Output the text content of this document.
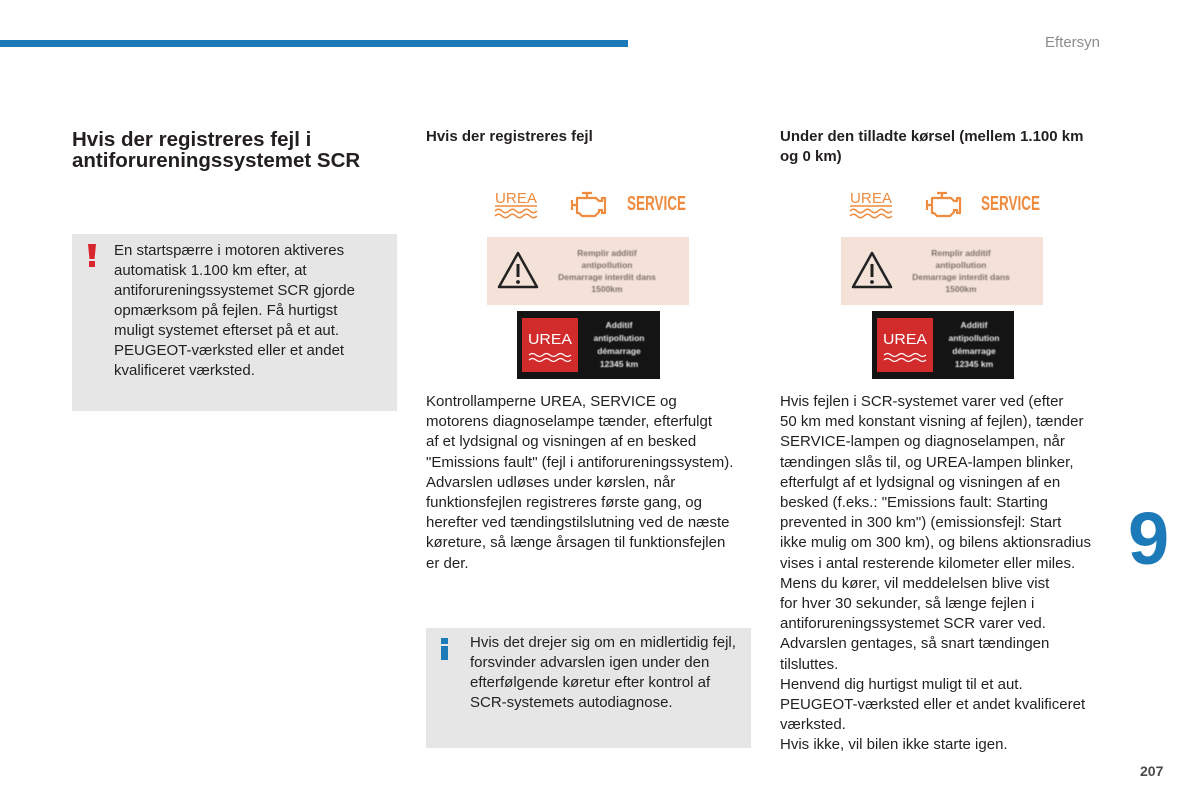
Eftersyn
Hvis der registreres fejl i
antiforureningssystemet SCR
En startspærre i motoren aktiveres
automatisk 1.100 km efter, at
antiforureningssystemet SCR gjorde
opmærksom på fejlen. Få hurtigst
muligt systemet efterset på et aut.
PEUGEOT-værksted eller et andet
kvalificeret værksted.
Hvis der registreres fejl
UREA	SERVICE
Remplir additif
antipollution
Demarrage interdit dans
1500km
UREA
Additif
antipollution
démarrage
12345 km
Kontrollamperne UREA, SERVICE og
motorens diagnoselampe tænder, efterfulgt
af et lydsignal og visningen af en besked
"Emissions fault" (fejl i antiforureningssystem).
Advarslen udløses under kørslen, når
funktionsfejlen registreres første gang, og
herefter ved tændingstilslutning ved de næste
køreture, så længe årsagen til funktionsfejlen
er der.
Hvis det drejer sig om en midlertidig fejl,
forsvinder advarslen igen under den
efterfølgende køretur efter kontrol af
SCR-systemets autodiagnose.
Under den tilladte kørsel (mellem 1.100 km
og 0 km)
UREA	SERVICE
Remplir additif
antipollution
Demarrage interdit dans
1500km
UREA
Additif
antipollution
démarrage
12345 km
Hvis fejlen i SCR-systemet varer ved (efter
50 km med konstant visning af fejlen), tænder
SERVICE-lampen og diagnoselampen, når
tændingen slås til, og UREA-lampen blinker,
efterfulgt af et lydsignal og visningen af en
besked (f.eks.: "Emissions fault: Starting
prevented in 300 km") (emissionsfejl: Start
ikke mulig om 300 km), og bilens aktionsradius
vises i antal resterende kilometer eller miles.
Mens du kører, vil meddelelsen blive vist
for hver 30 sekunder, så længe fejlen i
antiforureningssystemet SCR varer ved.
Advarslen gentages, så snart tændingen
tilsluttes.
Henvend dig hurtigst muligt til et aut.
PEUGEOT-værksted eller et andet kvalificeret
værksted.
Hvis ikke, vil bilen ikke starte igen.
9
207
